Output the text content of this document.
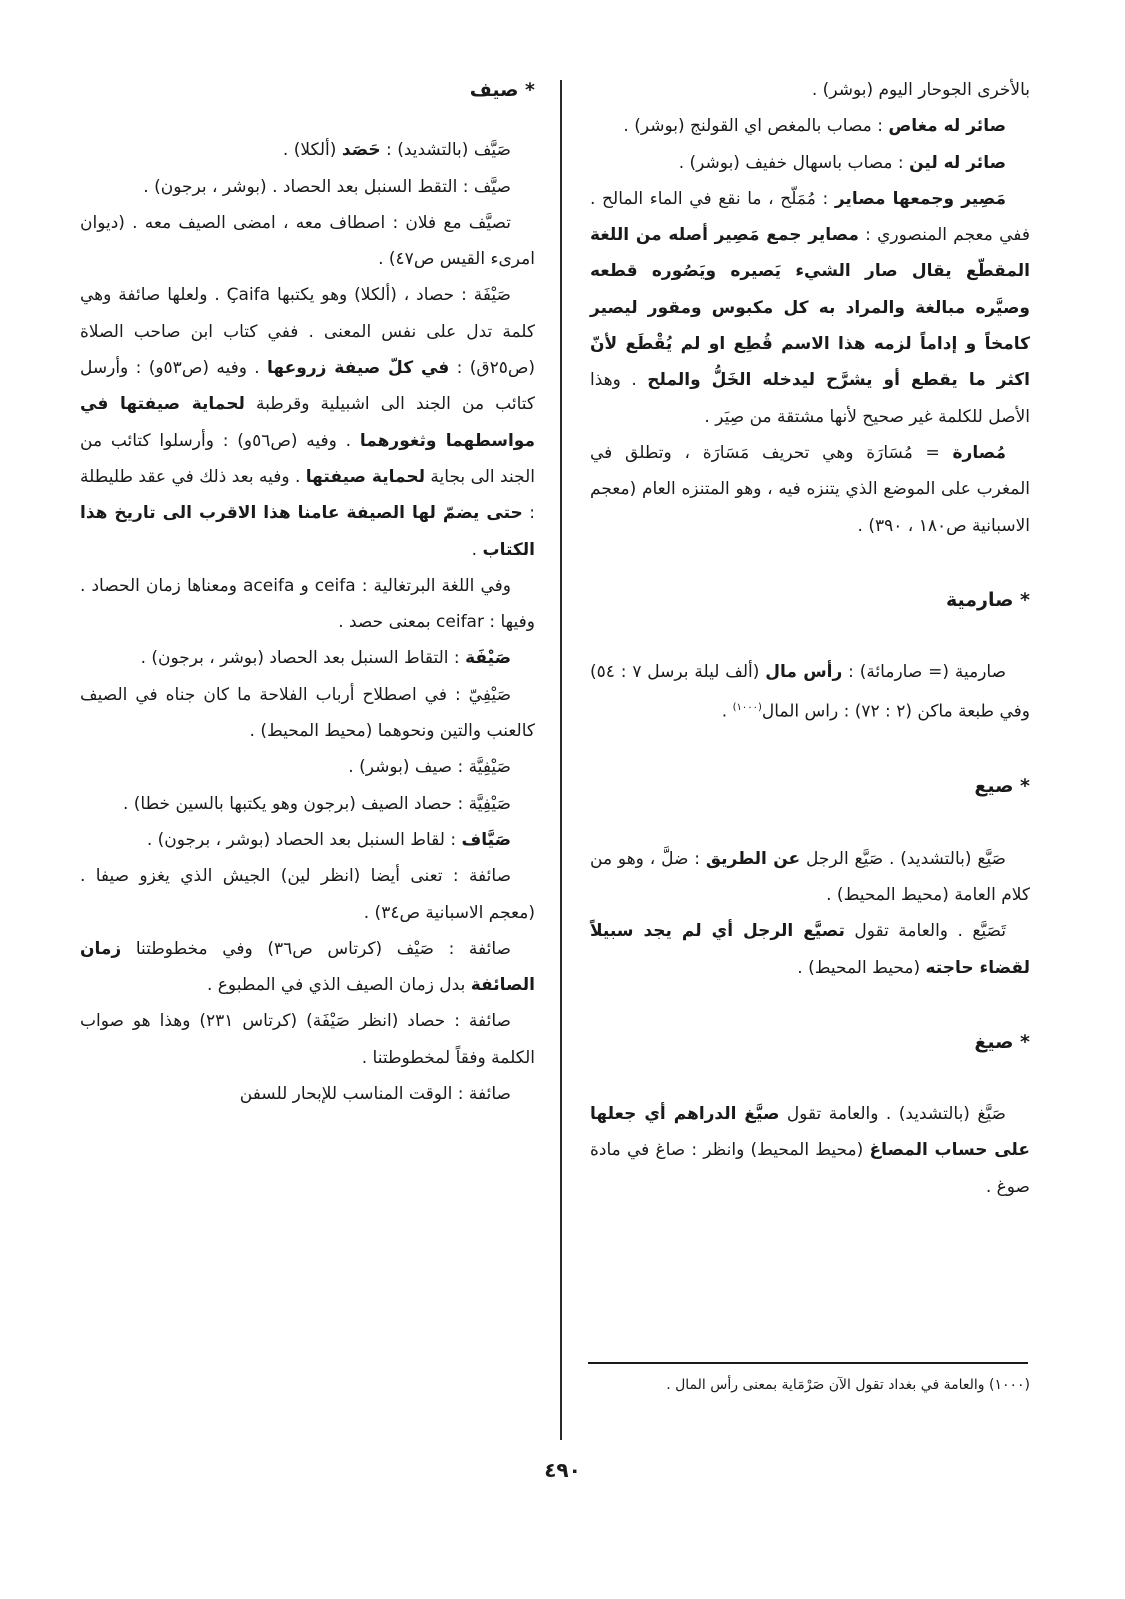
بالأخرى الجوحار اليوم (بوشر) .

صائر له مغاص : مصاب بالمغص اي القولنج (بوشر) .

صائر له لين : مصاب باسهال خفيف (بوشر) .

مَصِير وجمعها مصاير : مُمَلّح ، ما نقع في الماء المالح . ففي معجم المنصوري : مصاير جمع مَصِير أصله من اللغة المقطّع يقال صار الشيء يَصيره ويَصُوره قطعه وصيَّره مبالغة والمراد به كل مكبوس ومقور ليصير كامخاً و إداماً لزمه هذا الاسم قُطِع او لم يُقْطَع لأنّ اكثر ما يقطع أو يشرَّح ليدخله الخَلُّ والملح . وهذا الأصل للكلمة غير صحيح لأنها مشتقة من صِيَر .

مُصارة = مُسَارَة وهي تحريف مَسَارَة ، وتطلق في المغرب على الموضع الذي يتنزه فيه ، وهو المتنزه العام (معجم الاسبانية ص١٨٠ ، ٣٩٠) .

* صارمية

صارمية (= صارمائة) : رأس مال (ألف ليلة برسل ٧ : ٥٤) وفي طبعة ماكن (٢ : ٧٢) : راس المال$^{(١٠٠٠)}$ .

* صيع

صَيَّع (بالتشديد) . صَيَّع الرجل عن الطريق : ضلَّ ، وهو من كلام العامة (محيط المحيط) .

تَصَيَّع . والعامة تقول تصيَّع الرجل أي لم يجد سبيلاً لقضاء حاجته (محيط المحيط) .

* صيغ

صَيَّغ (بالتشديد) . والعامة تقول صيَّغ الدراهم أي جعلها على حساب المصاغ (محيط المحيط) وانظر : صاغ في مادة صوغ .

* صيف

صَيَّف (بالتشديد) : حَصَد (ألكلا) .

صيَّف : التقط السنبل بعد الحصاد . (بوشر ، برجون) .

تصيَّف مع فلان : اصطاف معه ، امضى الصيف معه . (ديوان امرىء القيس ص٤٧) .

صَيْفَة : حصاد ، (ألكلا) وهو يكتبها Çaifa . ولعلها صائفة وهي كلمة تدل على نفس المعنى . ففي كتاب ابن صاحب الصلاة (ص٢٥ق) : في كلّ صيفة زروعها . وفيه (ص٥٣و) : وأرسل كتائب من الجند الى اشبيلية وقرطبة لحماية صيفتها في مواسطهما وثغورهما . وفيه (ص٥٦و) : وأرسلوا كتائب من الجند الى بجاية لحماية صيفتها . وفيه بعد ذلك في عقد طليطلة : حتى يضمّ لها الصيفة عامنا هذا الاقرب الى تاريخ هذا الكتاب .

وفي اللغة البرتغالية : ceifa و aceifa ومعناها زمان الحصاد . وفيها : ceifar بمعنى حصد .

صَيْفَة : التقاط السنبل بعد الحصاد (بوشر ، برجون) .

صَيْفِيّ : في اصطلاح أرباب الفلاحة ما كان جناه في الصيف كالعنب والتين ونحوهما (محيط المحيط) .

صَيْفِيَّة : صيف (بوشر) .

صَيْفِيَّة : حصاد الصيف (برجون وهو يكتبها بالسين خطا) .

صَيَّاف : لقاط السنبل بعد الحصاد (بوشر ، برجون) .

صائفة : تعنى أيضا (انظر لين) الجيش الذي يغزو صيفا . (معجم الاسبانية ص٣٤) .

صائفة : صَيْف (كرتاس ص٣٦) وفي مخطوطتنا زمان الصائفة بدل زمان الصيف الذي في المطبوع .

صائفة : حصاد (انظر صَيْفَة) (كرتاس ٢٣١) وهذا هو صواب الكلمة وفقاً لمخطوطتنا .

صائفة : الوقت المناسب للإبحار للسفن

(١٠٠٠) والعامة في بغداد تقول الآن صَرْمَاية بمعنى رأس المال .
٤٩٠
